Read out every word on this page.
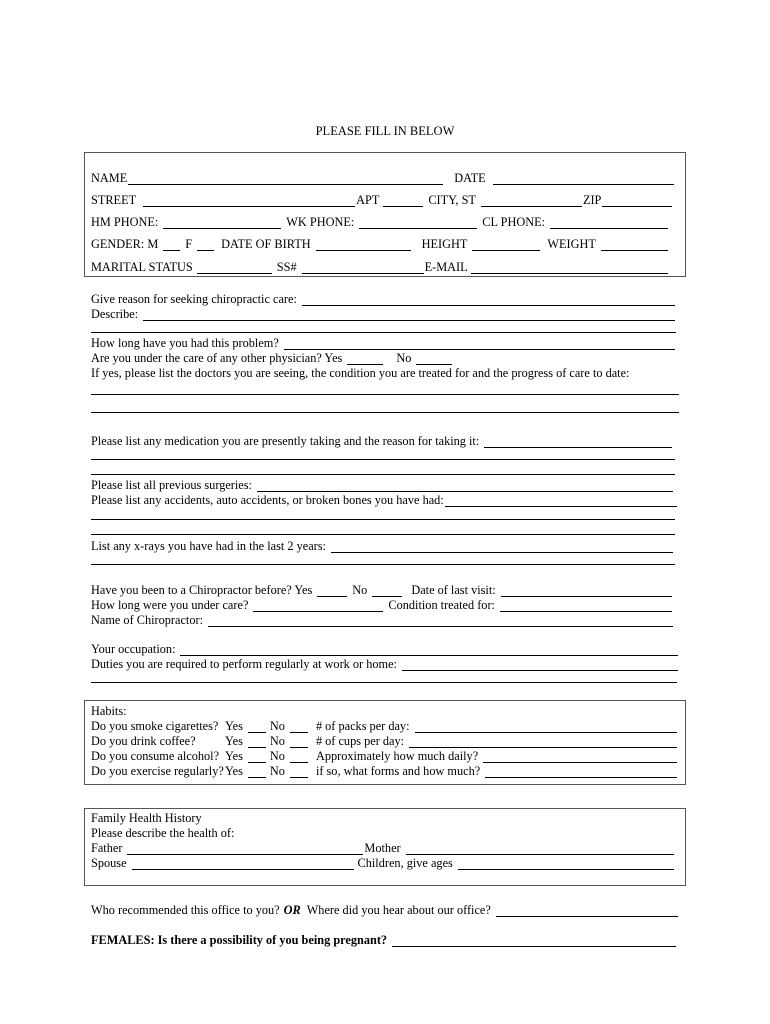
PLEASE FILL IN BELOW
NAME	DATE
STREET	APT	CITY, ST	ZIP
HM PHONE:	WK PHONE:	CL PHONE:
GENDER: M F DATE OF BIRTH	HEIGHT	WEIGHT
MARITAL STATUS	SS#	E-MAIL
Give reason for seeking chiropractic care:
Describe:
How long have you had this problem?
Are you under the care of any other physician? Yes	No
If yes, please list the doctors you are seeing, the condition you are treated for and the progress of care to date:
Please list any medication you are presently taking and the reason for taking it:
Please list all previous surgeries:
Please list any accidents, auto accidents, or broken bones you have had:
List any x-rays you have had in the last 2 years:
Have you been to a Chiropractor before? Yes	No	Date of last visit:
How long were you under care?	Condition treated for:
Name of Chiropractor:
Your occupation:
Duties you are required to perform regularly at work or home:
Habits:
Do you smoke cigarettes? Yes No	# of packs per day:
Do you drink coffee?	Yes No	# of cups per day:
Do you consume alcohol? Yes No	Approximately how much daily?
Do you exercise regularly? Yes No	if so, what forms and how much?
Family Health History
Please describe the health of:
Father	Mother
Spouse	Children, give ages
Who recommended this office to you? OR Where did you hear about our office?
FEMALES: Is there a possibility of you being pregnant?
